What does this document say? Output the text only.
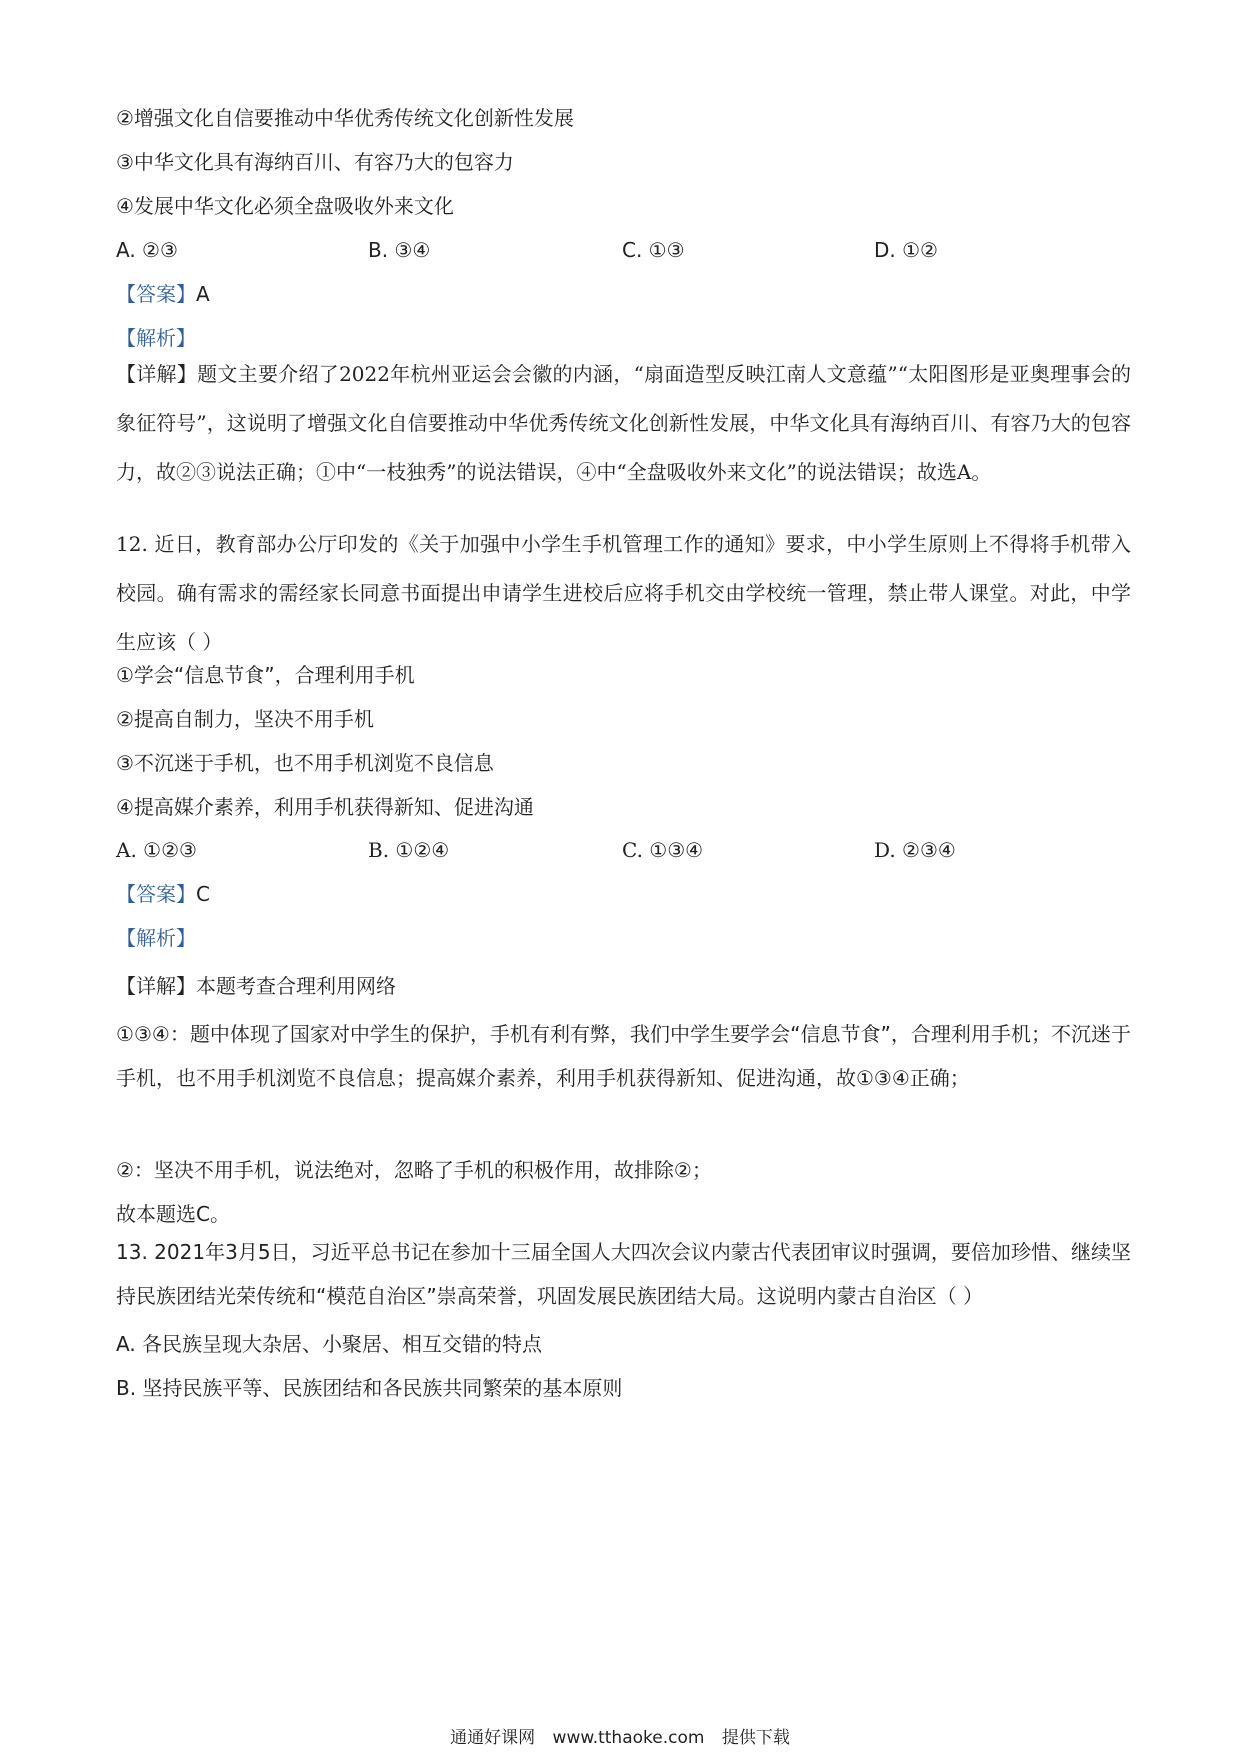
②增强文化自信要推动中华优秀传统文化创新性发展
③中华文化具有海纳百川、有容乃大的包容力
④发展中华文化必须全盘吸收外来文化
A. ②③	B. ③④	C. ①③	D. ①②
【答案】A
【解析】
【详解】题文主要介绍了2022年杭州亚运会会徽的内涵，“扇面造型反映江南人文意蕴”“太阳图形是亚奥理事会的象征符号”，这说明了增强文化自信要推动中华优秀传统文化创新性发展，中华文化具有海纳百川、有容乃大的包容力，故②③说法正确；①中“一枝独秀”的说法错误，④中“全盘吸收外来文化”的说法错误；故选A。
12. 近日，教育部办公厅印发的《关于加强中小学生手机管理工作的通知》要求，中小学生原则上不得将手机带入校园。确有需求的需经家长同意书面提出申请学生进校后应将手机交由学校统一管理，禁止带人课堂。对此，中学生应该（ ）
①学会“信息节食”，合理利用手机
②提高自制力，坚决不用手机
③不沉迷于手机，也不用手机浏览不良信息
④提高媒介素养，利用手机获得新知、促进沟通
A. ①②③	B. ①②④	C. ①③④	D. ②③④
【答案】C
【解析】
【详解】本题考查合理利用网络
①③④：题中体现了国家对中学生的保护，手机有利有弊，我们中学生要学会“信息节食”，合理利用手机；不沉迷于手机，也不用手机浏览不良信息；提高媒介素养，利用手机获得新知、促进沟通，故①③④正确；
②：坚决不用手机，说法绝对，忽略了手机的积极作用，故排除②；
故本题选C。
13. 2021年3月5日，习近平总书记在参加十三届全国人大四次会议内蒙古代表团审议时强调，要倍加珍惜、继续坚持民族团结光荣传统和“模范自治区”崇高荣誉，巩固发展民族团结大局。这说明内蒙古自治区（ ）
A. 各民族呈现大杂居、小聚居、相互交错的特点
B. 坚持民族平等、民族团结和各民族共同繁荣的基本原则
通通好课网 www.tthaoke.com 提供下载
